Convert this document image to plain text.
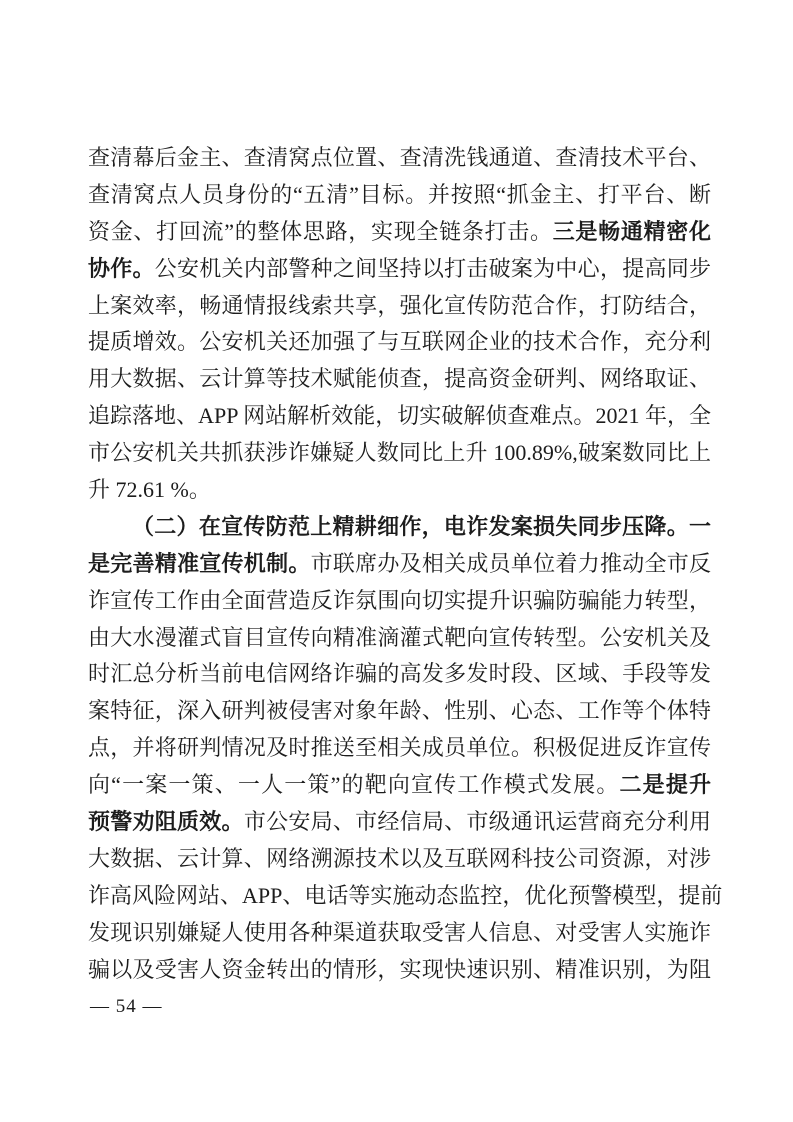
查清幕后金主、查清窝点位置、查清洗钱通道、查清技术平台、
查清窝点人员身份的“五清”目标。并按照“抓金主、打平台、断
资金、打回流”的整体思路，实现全链条打击。三是畅通精密化
协作。公安机关内部警种之间坚持以打击破案为中心，提高同步
上案效率，畅通情报线索共享，强化宣传防范合作，打防结合，
提质增效。公安机关还加强了与互联网企业的技术合作，充分利
用大数据、云计算等技术赋能侦查，提高资金研判、网络取证、
追踪落地、APP 网站解析效能，切实破解侦查难点。2021 年，全
市公安机关共抓获涉诈嫌疑人数同比上升 100.89%,破案数同比上
升 72.61 %。
（二）在宣传防范上精耕细作，电诈发案损失同步压降。一
是完善精准宣传机制。市联席办及相关成员单位着力推动全市反
诈宣传工作由全面营造反诈氛围向切实提升识骗防骗能力转型，
由大水漫灌式盲目宣传向精准滴灌式靶向宣传转型。公安机关及
时汇总分析当前电信网络诈骗的高发多发时段、区域、手段等发
案特征，深入研判被侵害对象年龄、性别、心态、工作等个体特
点，并将研判情况及时推送至相关成员单位。积极促进反诈宣传
向“一案一策、一人一策”的靶向宣传工作模式发展。二是提升
预警劝阻质效。市公安局、市经信局、市级通讯运营商充分利用
大数据、云计算、网络溯源技术以及互联网科技公司资源，对涉
诈高风险网站、APP、电话等实施动态监控，优化预警模型，提前
发现识别嫌疑人使用各种渠道获取受害人信息、对受害人实施诈
骗以及受害人资金转出的情形，实现快速识别、精准识别，为阻
— 54 —
